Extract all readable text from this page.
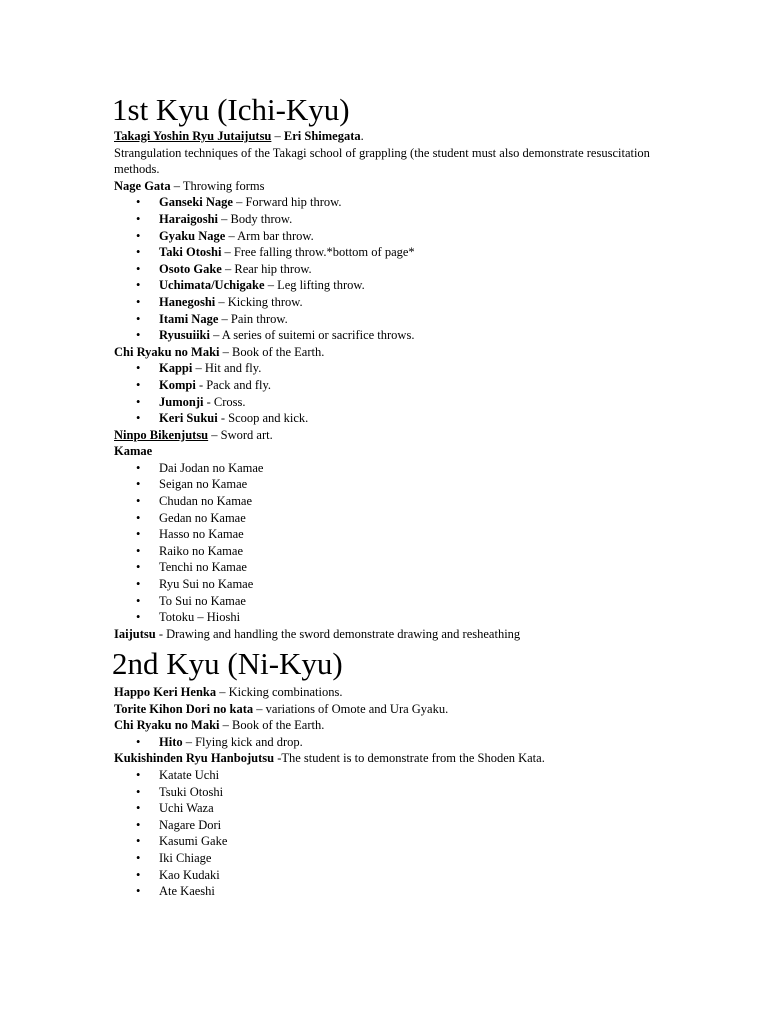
1st Kyu (Ichi-Kyu)
Takagi Yoshin Ryu Jutaijutsu – Eri Shimegata.
Strangulation techniques of the Takagi school of grappling (the student must also demonstrate resuscitation methods.
Nage Gata – Throwing forms
• Ganseki Nage – Forward hip throw.
• Haraigoshi – Body throw.
• Gyaku Nage – Arm bar throw.
• Taki Otoshi – Free falling throw.*bottom of page*
• Osoto Gake – Rear hip throw.
• Uchimata/Uchigake – Leg lifting throw.
• Hanegoshi – Kicking throw.
• Itami Nage – Pain throw.
• Ryusuiiki – A series of suitemi or sacrifice throws.
Chi Ryaku no Maki – Book of the Earth.
• Kappi – Hit and fly.
• Kompi - Pack and fly.
• Jumonji - Cross.
• Keri Sukui - Scoop and kick.
Ninpo Bikenjutsu – Sword art.
Kamae
• Dai Jodan no Kamae
• Seigan no Kamae
• Chudan no Kamae
• Gedan no Kamae
• Hasso no Kamae
• Raiko no Kamae
• Tenchi no Kamae
• Ryu Sui no Kamae
• To Sui no Kamae
• Totoku – Hioshi
Iaijutsu - Drawing and handling the sword demonstrate drawing and resheathing
2nd Kyu (Ni-Kyu)
Happo Keri Henka – Kicking combinations.
Torite Kihon Dori no kata – variations of Omote and Ura Gyaku.
Chi Ryaku no Maki – Book of the Earth.
• Hito – Flying kick and drop.
Kukishinden Ryu Hanbojutsu -The student is to demonstrate from the Shoden Kata.
• Katate Uchi
• Tsuki Otoshi
• Uchi Waza
• Nagare Dori
• Kasumi Gake
• Iki Chiage
• Kao Kudaki
• Ate Kaeshi
